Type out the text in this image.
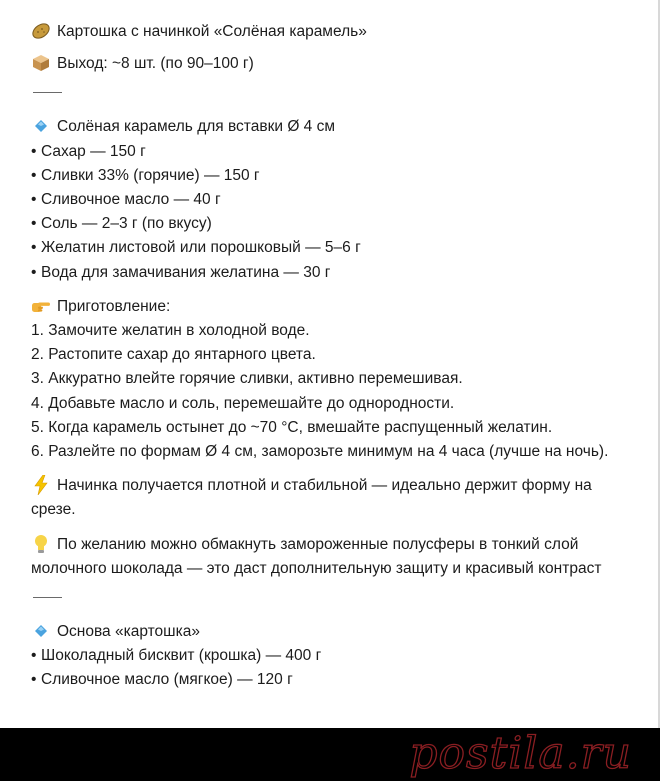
Картошка с начинкой «Солёная карамель»
Выход: ~8 шт. (по 90–100 г)
Солёная карамель для вставки Ø 4 см
• Сахар — 150 г
• Сливки 33% (горячие) — 150 г
• Сливочное масло — 40 г
• Соль — 2–3 г (по вкусу)
• Желатин листовой или порошковый — 5–6 г
• Вода для замачивания желатина — 30 г
Приготовление:
1. Замочите желатин в холодной воде.
2. Растопите сахар до янтарного цвета.
3. Аккуратно влейте горячие сливки, активно перемешивая.
4. Добавьте масло и соль, перемешайте до однородности.
5. Когда карамель остынет до ~70 °C, вмешайте распущенный желатин.
6. Разлейте по формам Ø 4 см, заморозьте минимум на 4 часа (лучше на ночь).
Начинка получается плотной и стабильной — идеально держит форму на срезе.
По желанию можно обмакнуть замороженные полусферы в тонкий слой молочного шоколада — это даст дополнительную защиту и красивый контраст
Основа «картошка»
• Шоколадный бисквит (крошка) — 400 г
• Сливочное масло (мягкое) — 120 г
postila.ru
